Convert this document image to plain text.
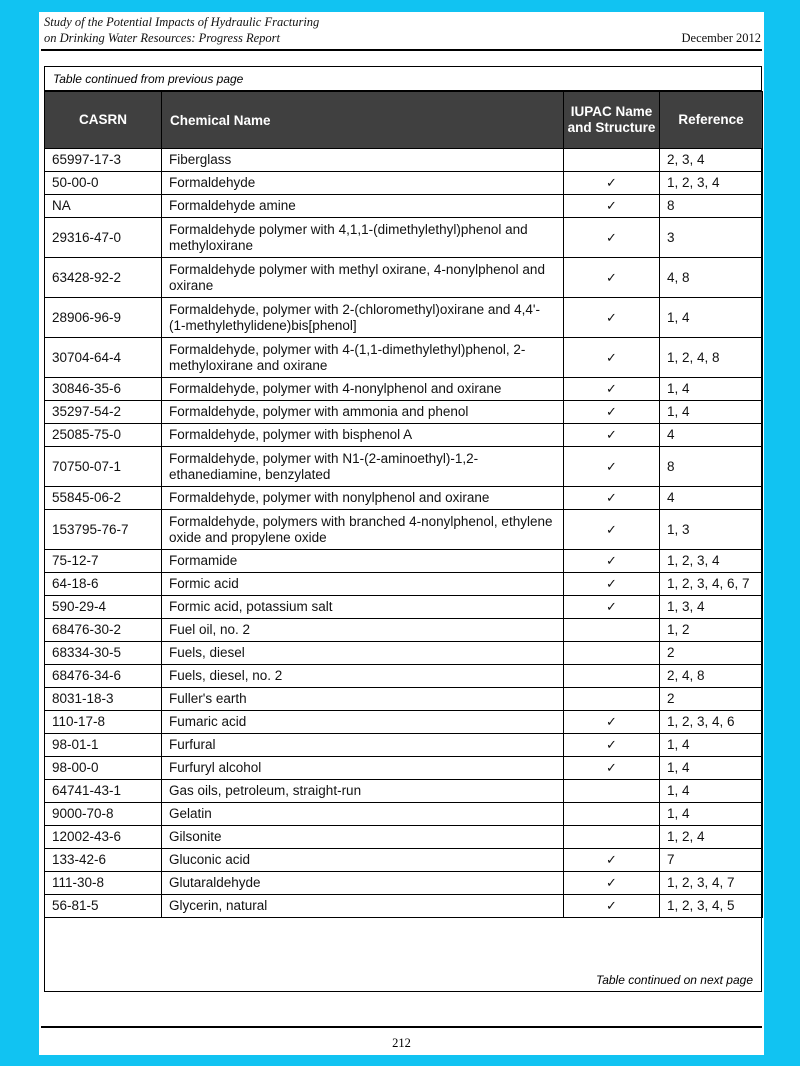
Study of the Potential Impacts of Hydraulic Fracturing
on Drinking Water Resources: Progress Report	December 2012
Table continued from previous page
CASRN	Chemical Name	IUPAC Name and Structure	Reference
65997-17-3	Fiberglass		2, 3, 4
50-00-0	Formaldehyde	✓	1, 2, 3, 4
NA	Formaldehyde amine	✓	8
29316-47-0	Formaldehyde polymer with 4,1,1-(dimethylethyl)phenol and methyloxirane	✓	3
63428-92-2	Formaldehyde polymer with methyl oxirane, 4-nonylphenol and oxirane	✓	4, 8
28906-96-9	Formaldehyde, polymer with 2-(chloromethyl)oxirane and 4,4'-(1-methylethylidene)bis[phenol]	✓	1, 4
30704-64-4	Formaldehyde, polymer with 4-(1,1-dimethylethyl)phenol, 2-methyloxirane and oxirane	✓	1, 2, 4, 8
30846-35-6	Formaldehyde, polymer with 4-nonylphenol and oxirane	✓	1, 4
35297-54-2	Formaldehyde, polymer with ammonia and phenol	✓	1, 4
25085-75-0	Formaldehyde, polymer with bisphenol A	✓	4
70750-07-1	Formaldehyde, polymer with N1-(2-aminoethyl)-1,2-ethanediamine, benzylated	✓	8
55845-06-2	Formaldehyde, polymer with nonylphenol and oxirane	✓	4
153795-76-7	Formaldehyde, polymers with branched 4-nonylphenol, ethylene oxide and propylene oxide	✓	1, 3
75-12-7	Formamide	✓	1, 2, 3, 4
64-18-6	Formic acid	✓	1, 2, 3, 4, 6, 7
590-29-4	Formic acid, potassium salt	✓	1, 3, 4
68476-30-2	Fuel oil, no. 2		1, 2
68334-30-5	Fuels, diesel		2
68476-34-6	Fuels, diesel, no. 2		2, 4, 8
8031-18-3	Fuller's earth		2
110-17-8	Fumaric acid	✓	1, 2, 3, 4, 6
98-01-1	Furfural	✓	1, 4
98-00-0	Furfuryl alcohol	✓	1, 4
64741-43-1	Gas oils, petroleum, straight-run		1, 4
9000-70-8	Gelatin		1, 4
12002-43-6	Gilsonite		1, 2, 4
133-42-6	Gluconic acid	✓	7
111-30-8	Glutaraldehyde	✓	1, 2, 3, 4, 7
56-81-5	Glycerin, natural	✓	1, 2, 3, 4, 5
Table continued on next page
212
